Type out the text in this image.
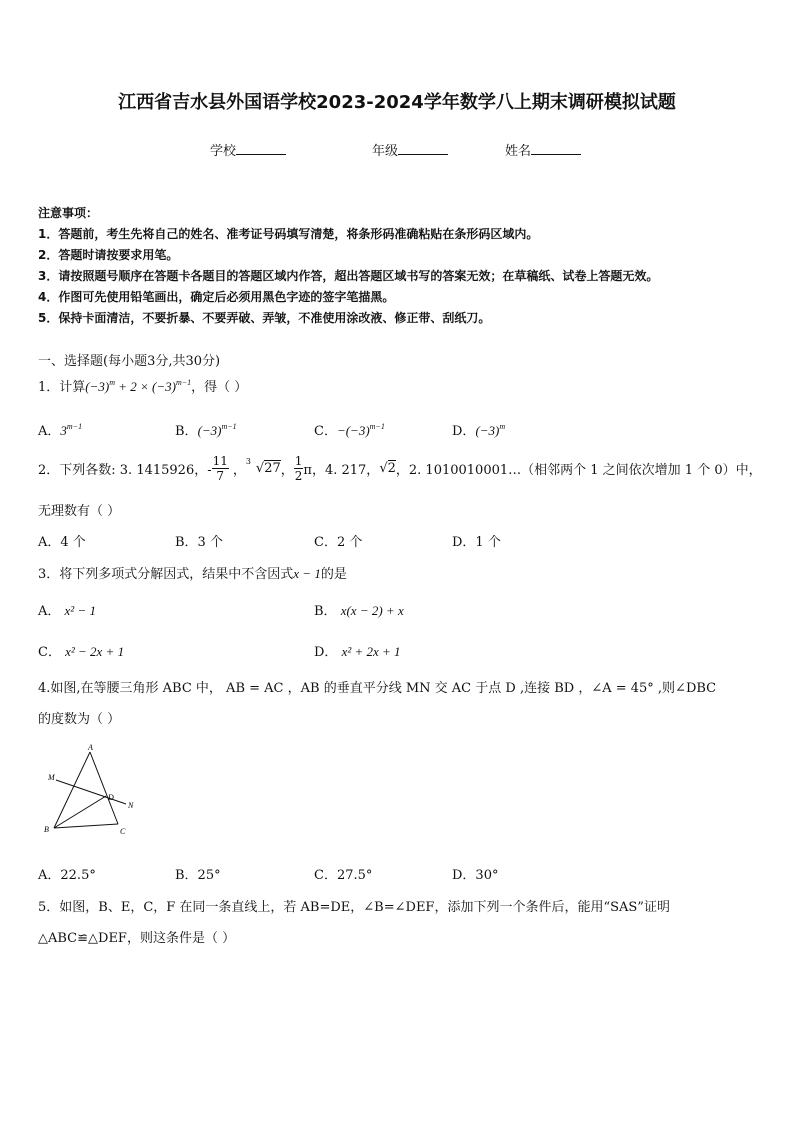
江西省吉水县外国语学校2023-2024学年数学八上期末调研模拟试题
学校	年级	姓名
注意事项：
1．答题前，考生先将自己的姓名、准考证号码填写清楚，将条形码准确粘贴在条形码区域内。
2．答题时请按要求用笔。
3．请按照题号顺序在答题卡各题目的答题区域内作答，超出答题区域书写的答案无效；在草稿纸、试卷上答题无效。
4．作图可先使用铅笔画出，确定后必须用黑色字迹的签字笔描黑。
5．保持卡面清洁，不要折暴、不要弄破、弄皱，不准使用涂改液、修正带、刮纸刀。
一、选择题(每小题3分,共30分)
1．计算$(-3)^m + 2 \times (-3)^{m-1}$，得（ ）
A．$3^{m-1}$	B．$(-3)^{m-1}$	C．$-(-3)^{m-1}$	D．$(-3)^m$
2．下列各数: 3. 1415926，- $\frac{11}{7}$ ，
3 √27 ， $\frac{1}{2}$ π，4. 217， √2 ，2. 1010010001…（相邻两个 1 之间依次增加 1 个 0）中，
无理数有（ ）
A．4 个	B．3 个	C．2 个	D．1 个
3．将下列多项式分解因式，结果中不含因式x − 1的是
A． x² − 1	B． x(x − 2) + x
C． x² − 2x + 1	D． x² + 2x + 1
4.如图,在等腰三角形 ABC 中， AB = AC ，AB 的垂直平分线 MN 交 AC 于点 D ,连接 BD ，∠A = 45° ,则∠DBC
的度数为（ ）
A
M
D
N
B	C
A．22.5°	B．25°	C．27.5°	D．30°
5．如图，B、E，C，F 在同一条直线上，若 AB=DE，∠B=∠DEF，添加下列一个条件后，能用“SAS”证明
△ABC≌△DEF，则这条件是（ ）
